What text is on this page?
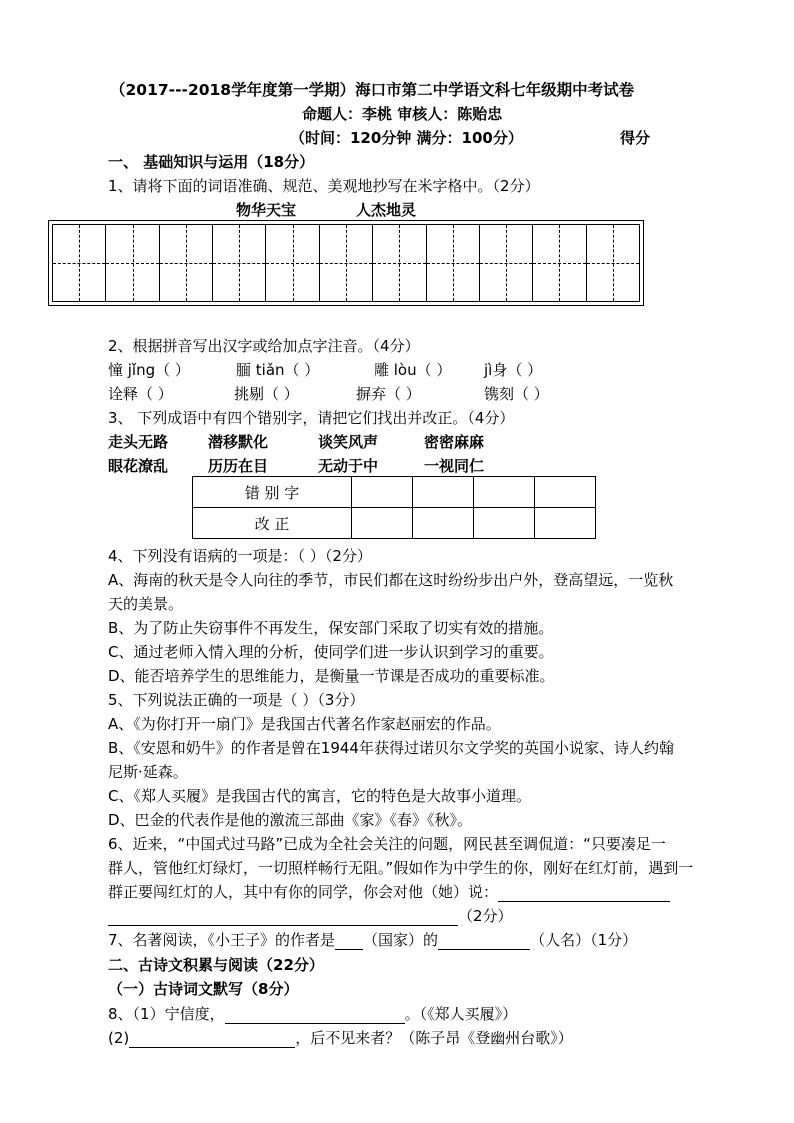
（2017---2018学年度第一学期）海口市第二中学语文科七年级期中考试卷
命题人：李桃 审核人：陈贻忠
（时间：120分钟 满分：100分）	得分
一、 基础知识与运用（18分）
1、请将下面的词语准确、规范、美观地抄写在米字格中。（2分）
物华天宝	人杰地灵
2、根据拼音写出汉字或给加点字注音。（4分）
憧 jǐng（ ）	腼 tiǎn（ ）	雕 lòu（ ） jì身（ ）
诠释（ ）	挑剔（ ）	摒弃（ ）	镌刻（ ）
3、 下列成语中有四个错别字，请把它们找出并改正。（4分）
走头无路	潜移默化	谈笑风声	密密麻麻
眼花潦乱	历历在目	无动于中	一视同仁
错 别 字				
改 正				
4、下列没有语病的一项是：（ ）（2分）
A、海南的秋天是令人向往的季节，市民们都在这时纷纷步出户外，登高望远，一览秋
天的美景。
B、为了防止失窃事件不再发生，保安部门采取了切实有效的措施。
C、通过老师入情入理的分析，使同学们进一步认识到学习的重要。
D、能否培养学生的思维能力，是衡量一节课是否成功的重要标准。
5、下列说法正确的一项是（ ）（3分）
A、《为你打开一扇门》是我国古代著名作家赵丽宏的作品。
B、《安恩和奶牛》的作者是曾在1944年获得过诺贝尔文学奖的英国小说家、诗人约翰
尼斯·延森。
C、《郑人买履》是我国古代的寓言，它的特色是大故事小道理。
D、巴金的代表作是他的激流三部曲《家》《春》《秋》。
6、近来，“中国式过马路”已成为全社会关注的问题，网民甚至调侃道：“只要凑足一
群人，管他红灯绿灯，一切照样畅行无阻。”假如作为中学生的你，刚好在红灯前，遇到一
群正要闯红灯的人，其中有你的同学，你会对他（她）说：
（2分）
7、名著阅读，《小王子》的作者是 （国家）的	（人名）（1分）
二、古诗文积累与阅读（22分）
（一）古诗词文默写（8分）
8、（1）宁信度，	。（《郑人买履》）
(2)	，后不见来者？（陈子昂《登幽州台歌》）
